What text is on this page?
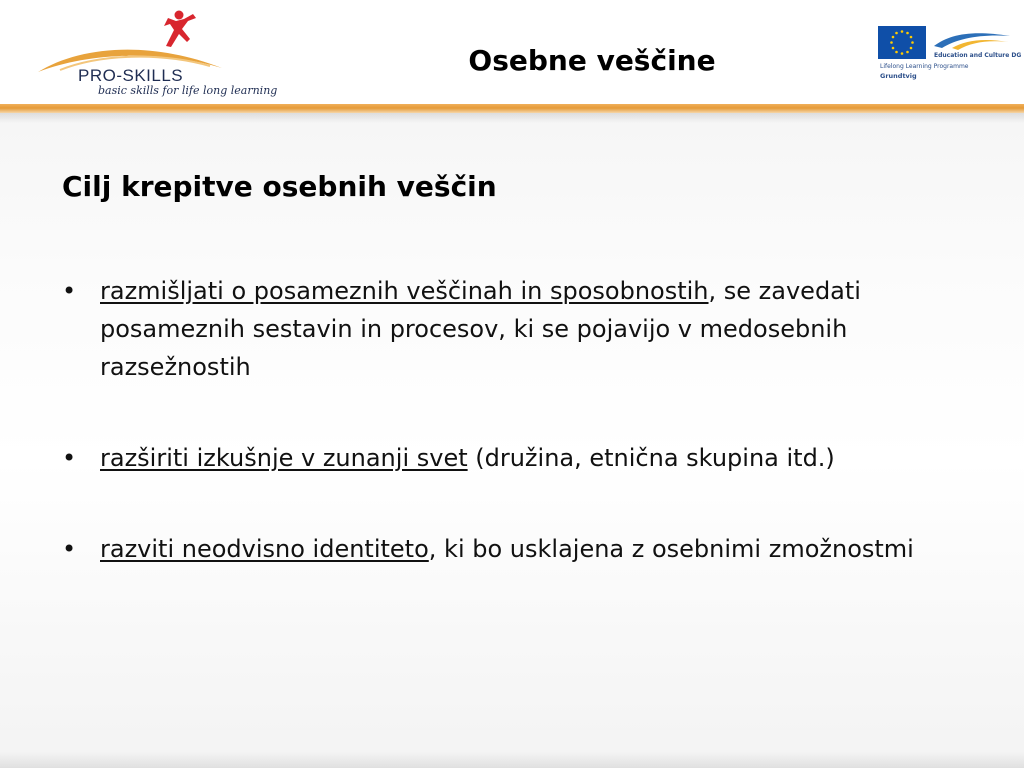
PRO-SKILLS
basic skills for life long learning
Osebne veščine	Education and Culture DG
Lifelong Learning Programme
Grundtvig
Cilj krepitve osebnih veščin
• razmišljati o posameznih veščinah in sposobnostih, se zavedati posameznih sestavin in procesov, ki se pojavijo v medosebnih razsežnostih
• razširiti izkušnje v zunanji svet (družina, etnična skupina itd.)
• razviti neodvisno identiteto, ki bo usklajena z osebnimi zmožnostmi
